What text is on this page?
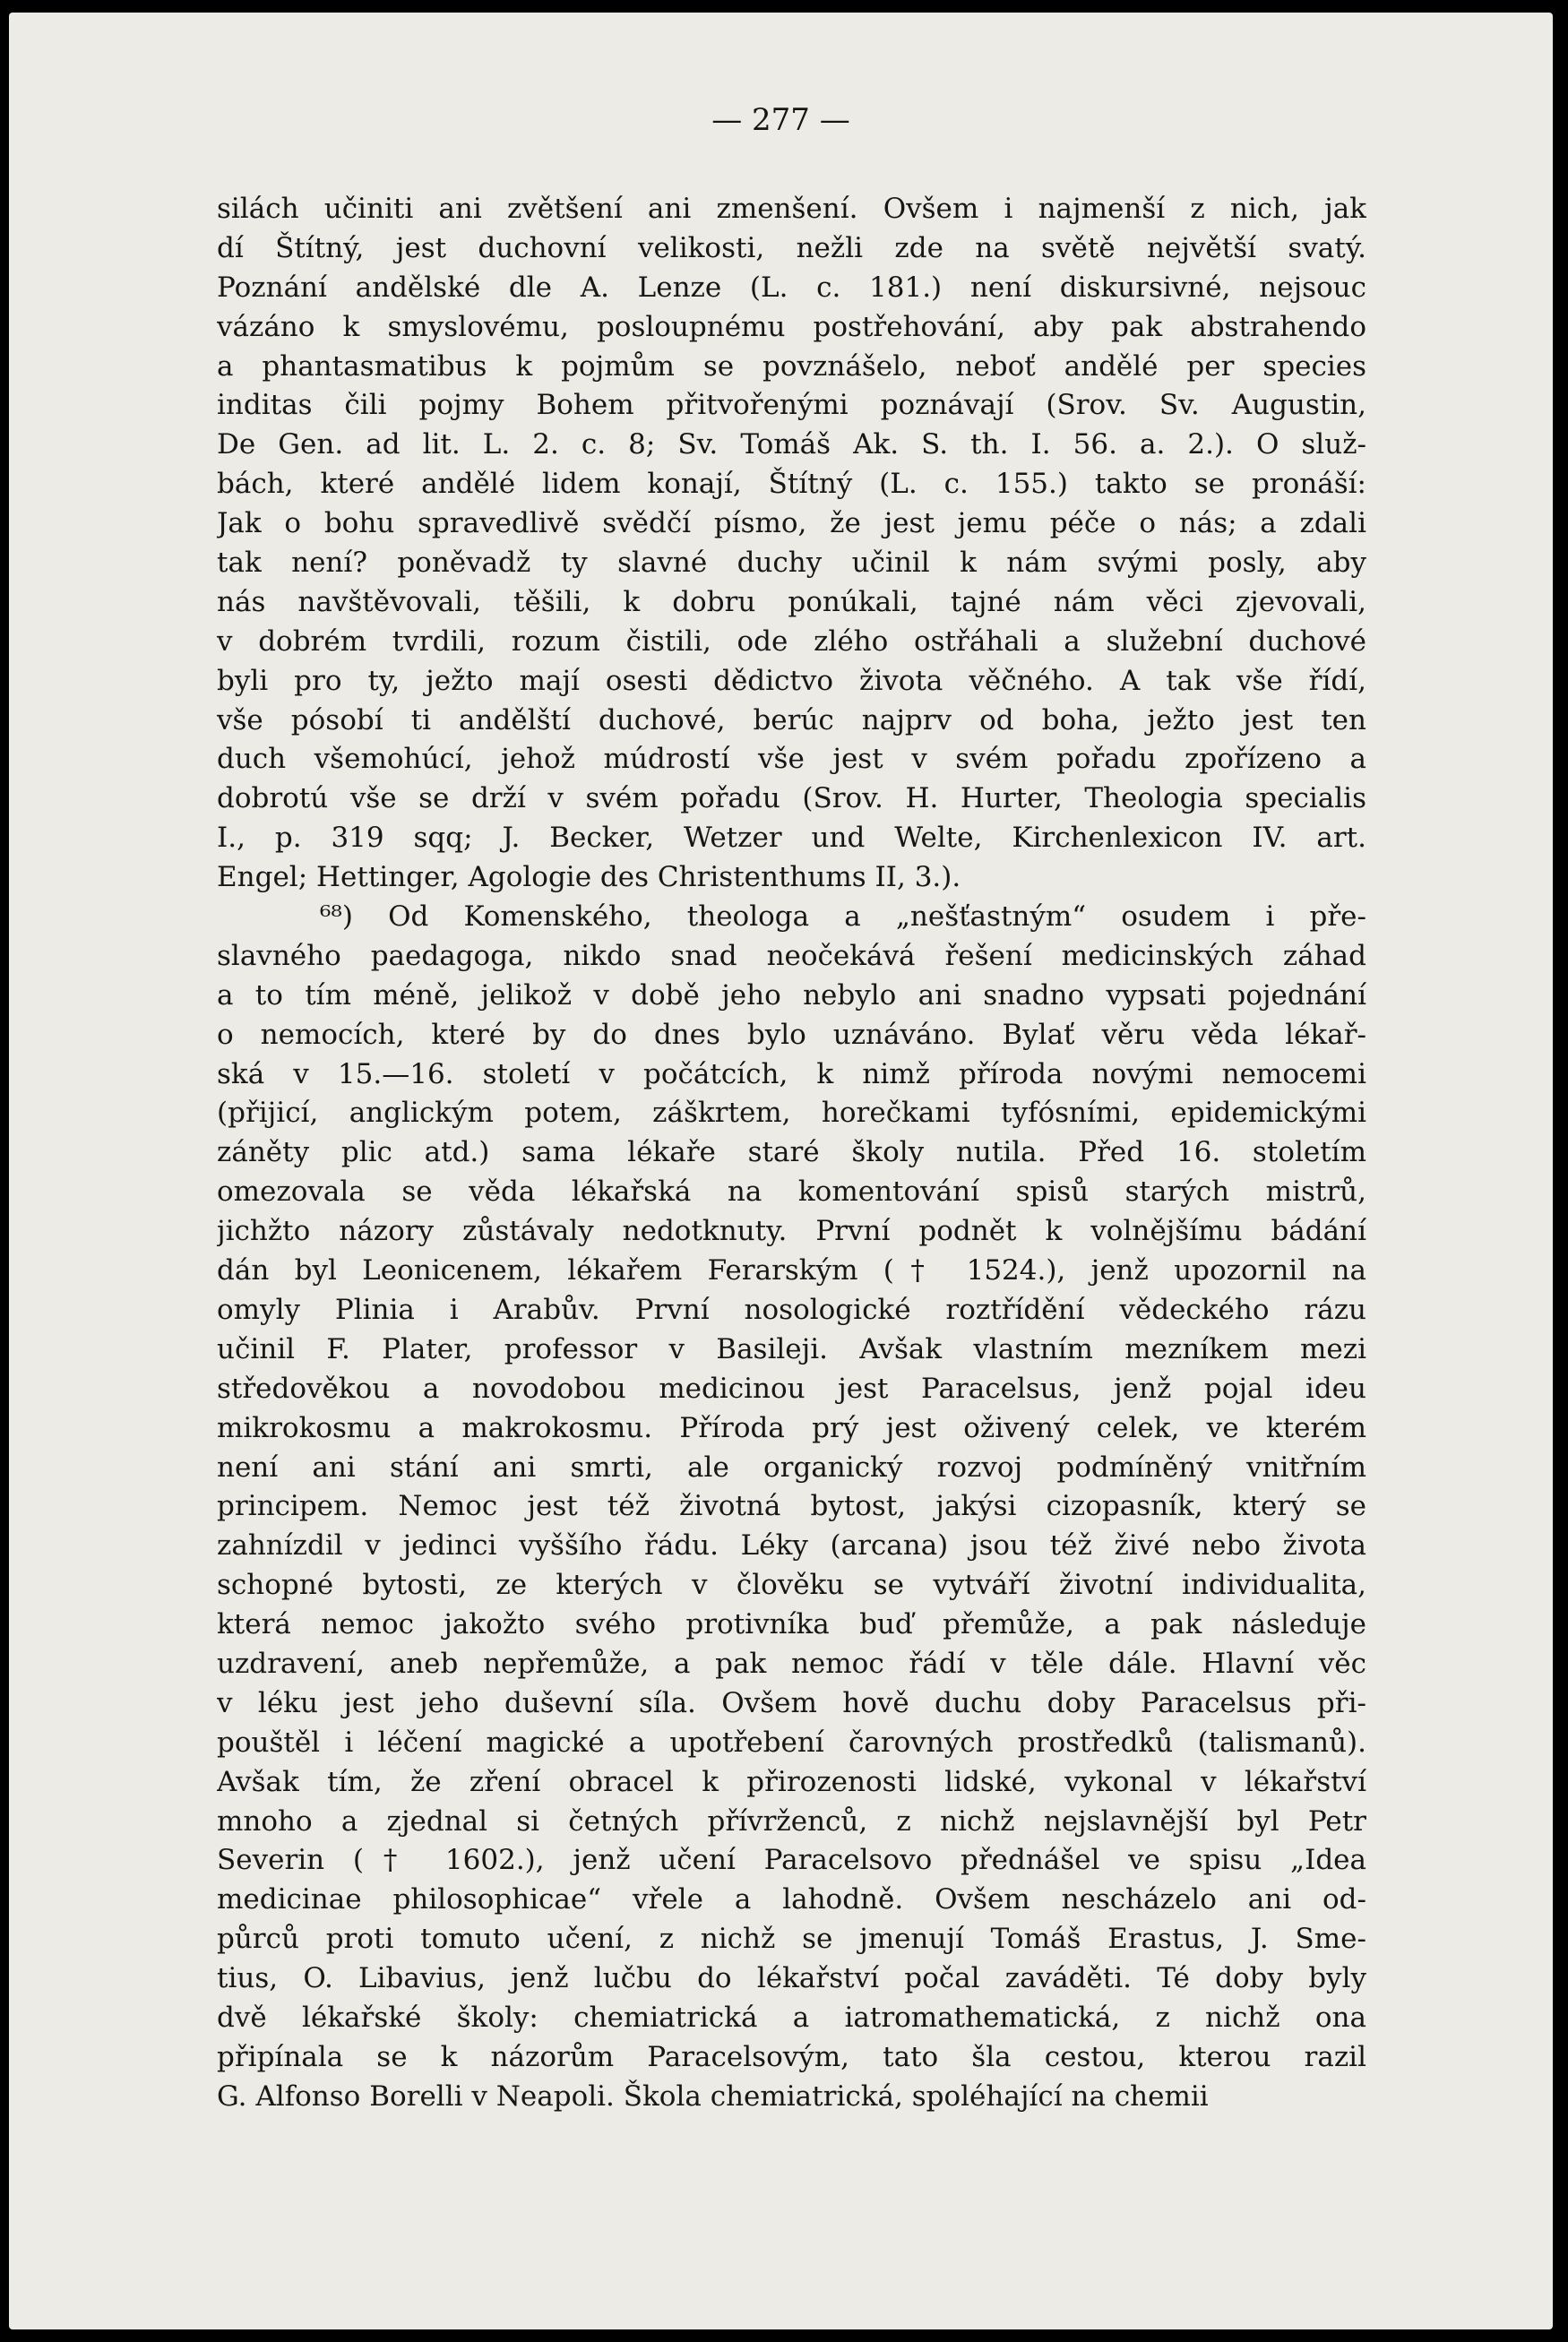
— 277 —
silách učiniti ani zvětšení ani zmenšení. Ovšem i najmenší z nich, jak
dí Štítný, jest duchovní velikosti, nežli zde na světě největší svatý.
Poznání andělské dle A. Lenze (L. c. 181.) není diskursivné, nejsouc
vázáno k smyslovému, posloupnému postřehování, aby pak abstrahendo
a phantasmatibus k pojmům se povznášelo, neboť andělé per species
inditas čili pojmy Bohem přitvořenými poznávají (Srov. Sv. Augustin,
De Gen. ad lit. L. 2. c. 8; Sv. Tomáš Ak. S. th. I. 56. a. 2.). O služ-
bách, které andělé lidem konají, Štítný (L. c. 155.) takto se pronáší:
Jak o bohu spravedlivě svědčí písmo, že jest jemu péče o nás; a zdali
tak není? poněvadž ty slavné duchy učinil k nám svými posly, aby
nás navštěvovali, těšili, k dobru ponúkali, tajné nám věci zjevovali,
v dobrém tvrdili, rozum čistili, ode zlého ostřáhali a služební duchové
byli pro ty, ježto mají osesti dědictvo života věčného. A tak vše řídí,
vše pósobí ti andělští duchové, berúc najprv od boha, ježto jest ten
duch všemohúcí, jehož múdrostí vše jest v svém pořadu zpořízeno a
dobrotú vše se drží v svém pořadu (Srov. H. Hurter, Theologia specialis
I., p. 319 sqq; J. Becker, Wetzer und Welte, Kirchenlexicon IV. art.
Engel; Hettinger, Agologie des Christenthums II, 3.).
⁶⁸) Od Komenského, theologa a „nešťastným“ osudem i pře-
slavného paedagoga, nikdo snad neočekává řešení medicinských záhad
a to tím méně, jelikož v době jeho nebylo ani snadno vypsati pojednání
o nemocích, které by do dnes bylo uznáváno. Bylať věru věda lékař-
ská v 15.—16. století v počátcích, k nimž příroda novými nemocemi
(přijicí, anglickým potem, záškrtem, horečkami tyfósními, epidemickými
záněty plic atd.) sama lékaře staré školy nutila. Před 16. stoletím
omezovala se věda lékařská na komentování spisů starých mistrů,
jichžto názory zůstávaly nedotknuty. První podnět k volnějšímu bádání
dán byl Leonicenem, lékařem Ferarským († 1524.), jenž upozornil na
omyly Plinia i Arabův. První nosologické roztřídění vědeckého rázu
učinil F. Plater, professor v Basileji. Avšak vlastním mezníkem mezi
středověkou a novodobou medicinou jest Paracelsus, jenž pojal ideu
mikrokosmu a makrokosmu. Příroda prý jest oživený celek, ve kterém
není ani stání ani smrti, ale organický rozvoj podmíněný vnitřním
principem. Nemoc jest též životná bytost, jakýsi cizopasník, který se
zahnízdil v jedinci vyššího řádu. Léky (arcana) jsou též živé nebo života
schopné bytosti, ze kterých v člověku se vytváří životní individualita,
která nemoc jakožto svého protivníka buď přemůže, a pak následuje
uzdravení, aneb nepřemůže, a pak nemoc řádí v těle dále. Hlavní věc
v léku jest jeho duševní síla. Ovšem hově duchu doby Paracelsus při-
pouštěl i léčení magické a upotřebení čarovných prostředků (talismanů).
Avšak tím, že zření obracel k přirozenosti lidské, vykonal v lékařství
mnoho a zjednal si četných přívrženců, z nichž nejslavnější byl Petr
Severin († 1602.), jenž učení Paracelsovo přednášel ve spisu „Idea
medicinae philosophicae“ vřele a lahodně. Ovšem nescházelo ani od-
půrců proti tomuto učení, z nichž se jmenují Tomáš Erastus, J. Sme-
tius, O. Libavius, jenž lučbu do lékařství počal zaváděti. Té doby byly
dvě lékařské školy: chemiatrická a iatromathematická, z nichž ona
připínala se k názorům Paracelsovým, tato šla cestou, kterou razil
G. Alfonso Borelli v Neapoli. Škola chemiatrická, spoléhající na chemii
